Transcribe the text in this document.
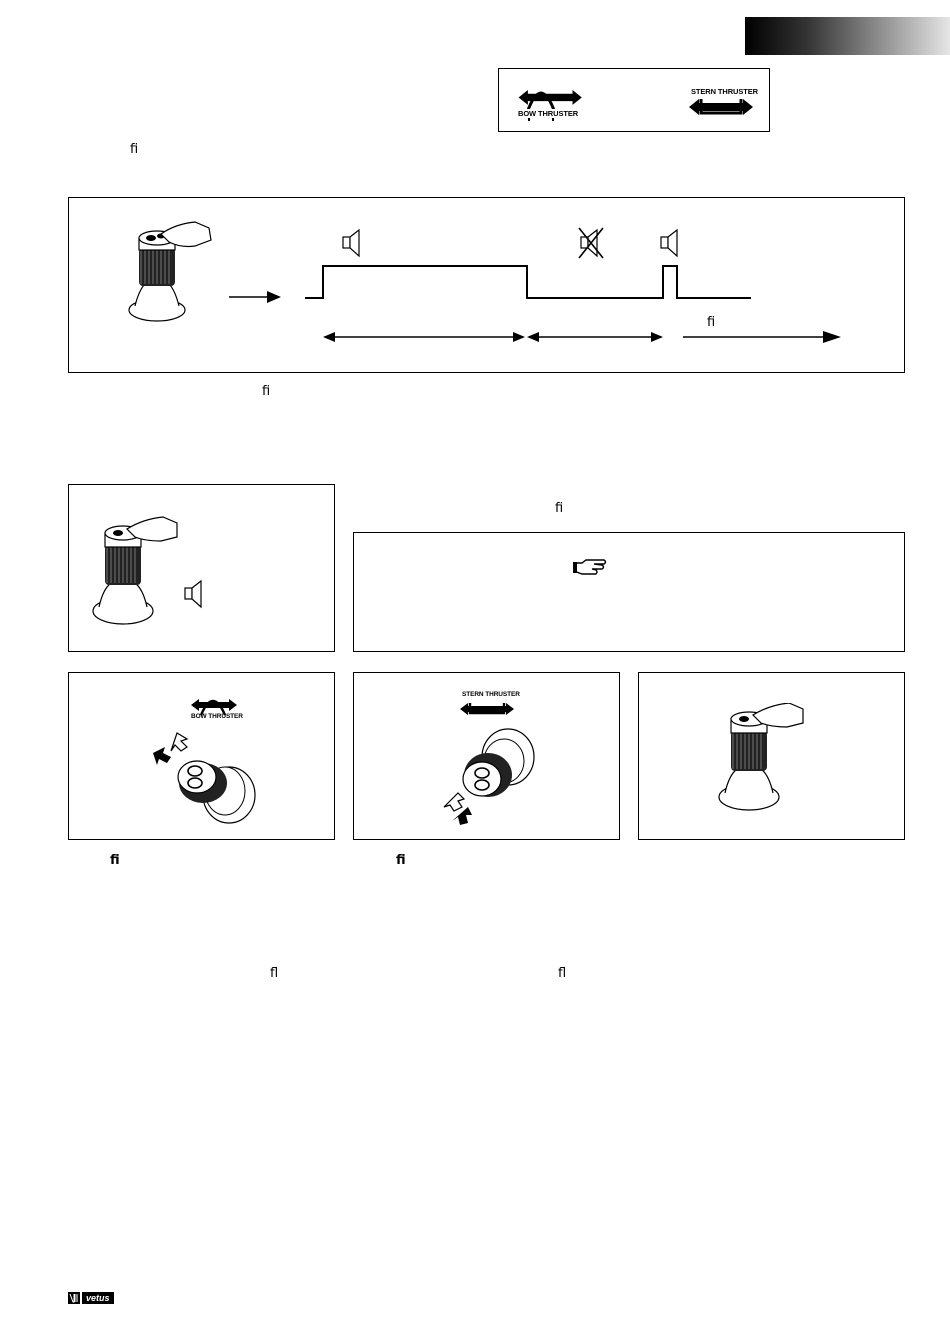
BOW THRUSTER
STERN THRUSTER
ﬁ
ﬁ
ﬁ
ﬁ
BOW THRUSTER
STERN THRUSTER
ﬁ	ﬁ
ﬂ	ﬂ
vetus
